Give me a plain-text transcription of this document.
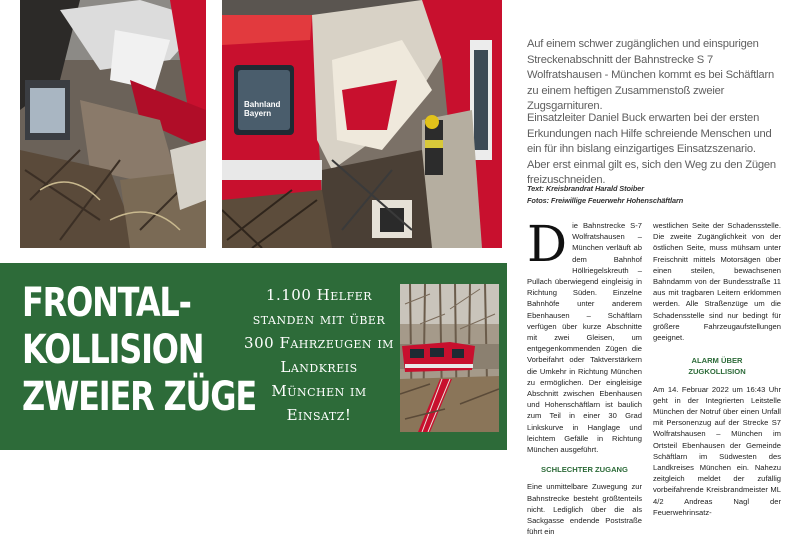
Bahnland
Bayern
FRONTAL-
KOLLISION
ZWEIER ZÜGE
1.100 Helfer standen mit über 300 Fahrzeugen im Landkreis München im Einsatz!
Auf einem schwer zugänglichen und einspurigen Streckenabschnitt der Bahnstrecke S 7 Wolfratshausen - München kommt es bei Schäftlarn zu einem heftigen Zusammenstoß zweier Zugsgarnituren.
Einsatzleiter Daniel Buck erwarten bei der ersten Erkundungen nach Hilfe schreiende Menschen und ein für ihn bislang einzigartiges Einsatzszenario. Aber erst einmal gilt es, sich den Weg zu den Zügen freizuschneiden.
Text: Kreisbrandrat Harald Stoiber
Fotos: Freiwillige Feuerwehr Hohenschäftlarn
D ie Bahnstrecke S-7 Wolfratshausen – München verläuft ab dem Bahnhof Höllriegelskreuth – Pullach überwiegend eingleisig in Richtung Süden. Einzelne Bahnhöfe unter anderem Ebenhausen – Schäftlarn verfügen über kurze Abschnitte mit zwei Gleisen, um entgegenkommenden Zügen die Vorbeifahrt oder Taktverstärkern die Umkehr in Richtung München zu ermöglichen. Der eingleisige Abschnitt zwischen Ebenhausen und Hohenschäftlarn ist baulich zum Teil in einer 30 Grad Linkskurve in Hanglage und leichtem Gefälle in Richtung München ausgeführt.
SCHLECHTER ZUGANG
Eine unmittelbare Zuwegung zur Bahnstrecke besteht größtenteils nicht. Lediglich über die als Sackgasse endende Poststraße führt ein
westlichen Seite der Schadensstelle. Die zweite Zugänglichkeit von der östlichen Seite, muss mühsam unter Freischnitt mittels Motorsägen über einen steilen, bewachsenen Bahndamm von der Bundesstraße 11 aus mit tragbaren Leitern erklommen werden. Alle Straßenzüge um die Schadensstelle sind nur bedingt für größere Fahrzeugaufstellungen geeignet.
ALARM ÜBER
ZUGKOLLISION
Am 14. Februar 2022 um 16:43 Uhr geht in der Integrierten Leitstelle München der Notruf über einen Unfall mit Personenzug auf der Strecke S7 Wolfratshausen – München im Ortsteil Ebenhausen der Gemeinde Schäftlarn im Südwesten des Landkreises München ein. Nahezu zeitgleich meldet der zufällig vorbeifahrende Kreisbrandmeister ML 4/2 Andreas Nagl der Feuerwehrinsatz-
